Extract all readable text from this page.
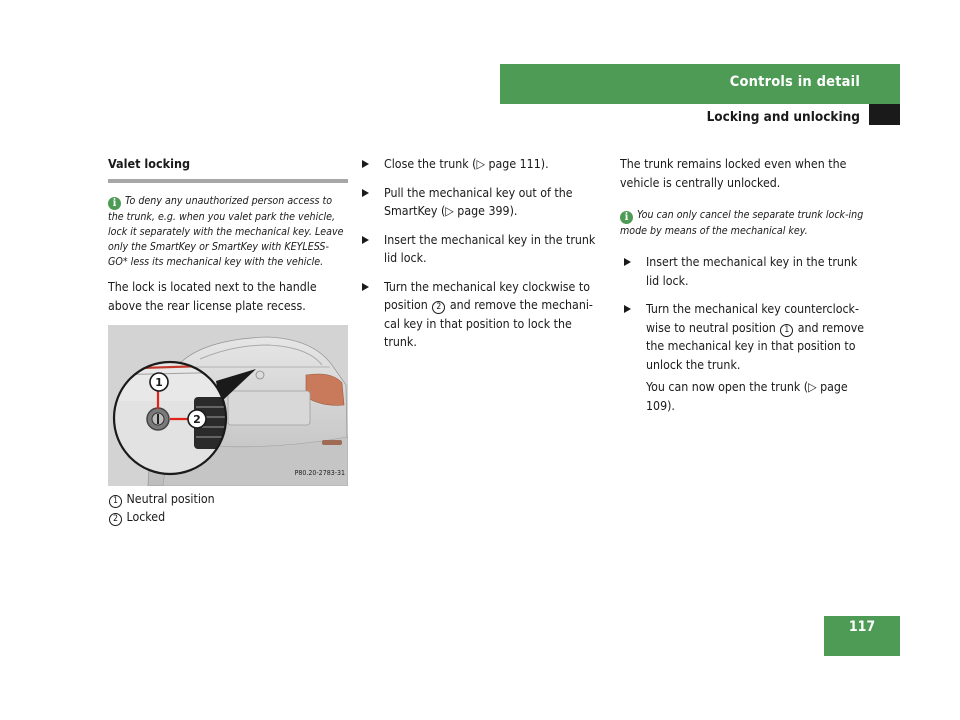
Controls in detail
Locking and unlocking
Valet locking
i To deny any unauthorized person access to the trunk, e.g. when you valet park the vehicle, lock it separately with the mechanical key. Leave only the SmartKey or SmartKey with KEYLESS-GO* less its mechanical key with the vehicle.

The lock is located next to the handle above the rear license plate recess.

1
2

P80.20-2783-31

1 Neutral position

2 Locked

Close the trunk (▷ page 111).
Pull the mechanical key out of the SmartKey (▷ page 399).
Insert the mechanical key in the trunk lid lock.
Turn the mechanical key clockwise to position 2 and remove the mechani-cal key in that position to lock the trunk.

The trunk remains locked even when the vehicle is centrally unlocked.

i You can only cancel the separate trunk lock-ing mode by means of the mechanical key.
Insert the mechanical key in the trunk lid lock.
Turn the mechanical key counterclock-wise to neutral position 1 and remove the mechanical key in that position to unlock the trunk.

You can now open the trunk (▷ page 109).

117
